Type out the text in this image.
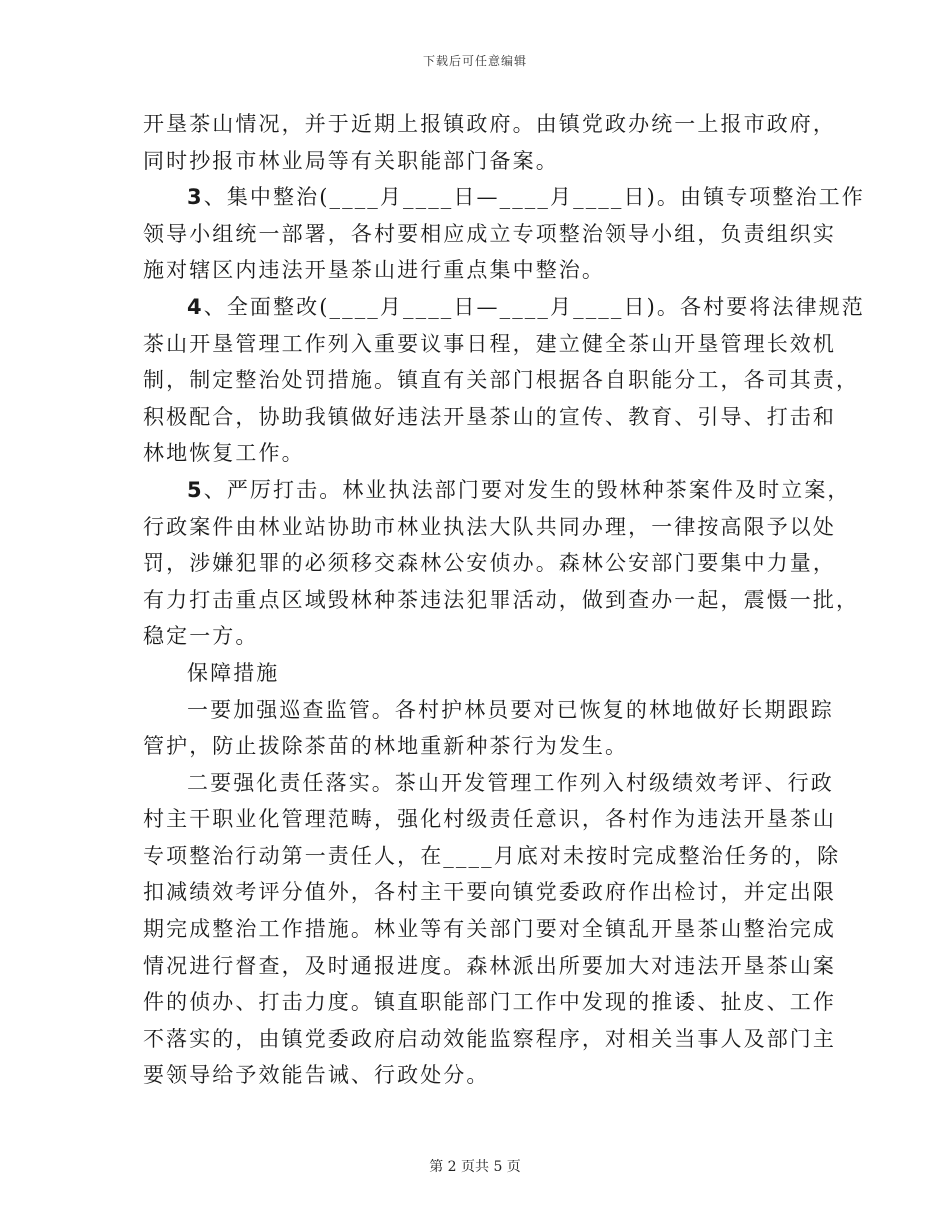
下载后可任意编辑

开垦茶山情况，并于近期上报镇政府。由镇党政办统一上报市政府，
同时抄报市林业局等有关职能部门备案。

3、集中整治(____月____日—____月____日)。由镇专项整治工作
领导小组统一部署，各村要相应成立专项整治领导小组，负责组织实
施对辖区内违法开垦茶山进行重点集中整治。

4、全面整改(____月____日—____月____日)。各村要将法律规范
茶山开垦管理工作列入重要议事日程，建立健全茶山开垦管理长效机
制，制定整治处罚措施。镇直有关部门根据各自职能分工，各司其责，
积极配合，协助我镇做好违法开垦茶山的宣传、教育、引导、打击和
林地恢复工作。

5、严厉打击。林业执法部门要对发生的毁林种茶案件及时立案，
行政案件由林业站协助市林业执法大队共同办理，一律按高限予以处
罚，涉嫌犯罪的必须移交森林公安侦办。森林公安部门要集中力量，
有力打击重点区域毁林种茶违法犯罪活动，做到查办一起，震慑一批，
稳定一方。

保障措施

一要加强巡查监管。各村护林员要对已恢复的林地做好长期跟踪
管护，防止拔除茶苗的林地重新种茶行为发生。

二要强化责任落实。茶山开发管理工作列入村级绩效考评、行政
村主干职业化管理范畴，强化村级责任意识，各村作为违法开垦茶山
专项整治行动第一责任人，在____月底对未按时完成整治任务的，除
扣减绩效考评分值外，各村主干要向镇党委政府作出检讨，并定出限
期完成整治工作措施。林业等有关部门要对全镇乱开垦茶山整治完成
情况进行督查，及时通报进度。森林派出所要加大对违法开垦茶山案
件的侦办、打击力度。镇直职能部门工作中发现的推诿、扯皮、工作
不落实的，由镇党委政府启动效能监察程序，对相关当事人及部门主
要领导给予效能告诫、行政处分。

第 2 页共 5 页
